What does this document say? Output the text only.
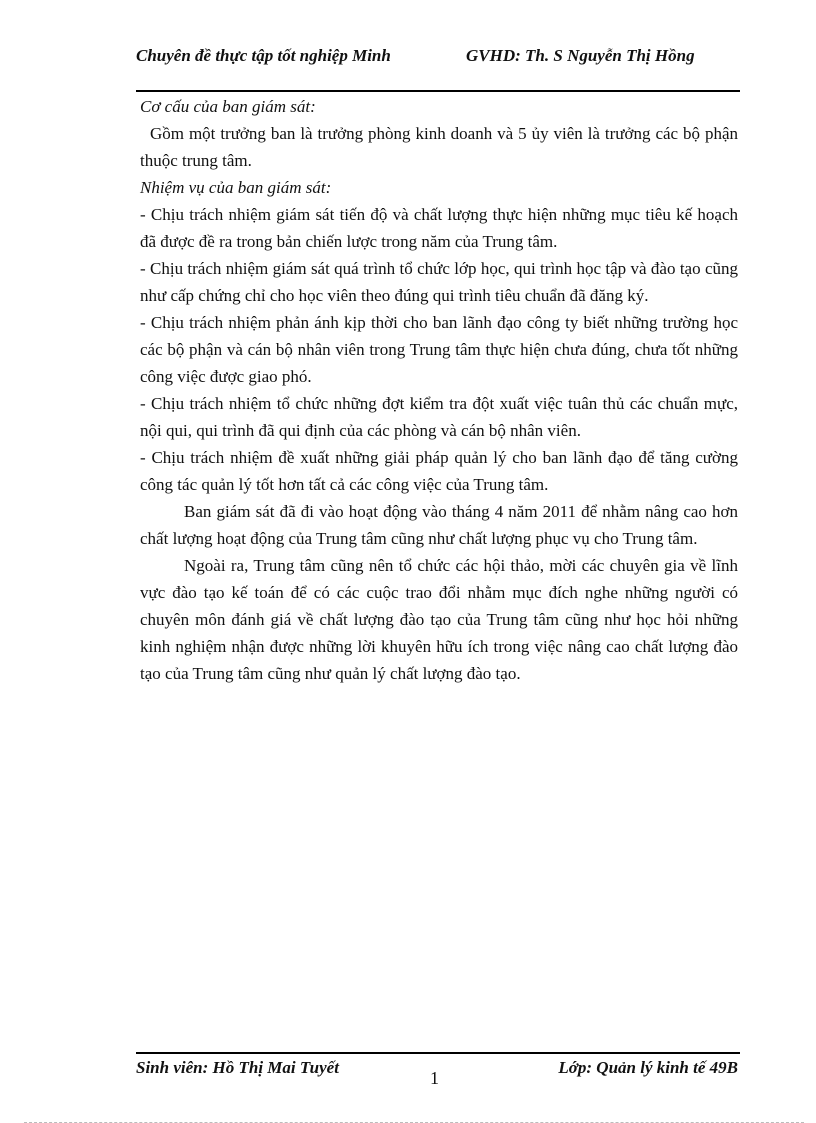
Chuyên đề thực tập tốt nghiệp Minh	GVHD: Th. S Nguyễn Thị Hồng

Cơ cấu của ban giám sát:

Gồm một trưởng ban là trưởng phòng kinh doanh và 5 ủy viên là trưởng các bộ phận thuộc trung tâm.

Nhiệm vụ của ban giám sát:

- Chịu trách nhiệm giám sát tiến độ và chất lượng thực hiện những mục tiêu kế hoạch đã được đề ra trong bản chiến lược trong năm của Trung tâm.

- Chịu trách nhiệm giám sát quá trình tổ chức lớp học, qui trình học tập và đào tạo cũng như cấp chứng chỉ cho học viên theo đúng qui trình tiêu chuẩn đã đăng ký.

- Chịu trách nhiệm phản ánh kịp thời cho ban lãnh đạo công ty biết những trường học các bộ phận và cán bộ nhân viên trong Trung tâm thực hiện chưa đúng, chưa tốt những công việc được giao phó.

- Chịu trách nhiệm tổ chức những đợt kiểm tra đột xuất việc tuân thủ các chuẩn mực, nội qui, qui trình đã qui định của các phòng và cán bộ nhân viên.

- Chịu trách nhiệm đề xuất những giải pháp quản lý cho ban lãnh đạo để tăng cường công tác quản lý tốt hơn tất cả các công việc của Trung tâm.

Ban giám sát đã đi vào hoạt động vào tháng 4 năm 2011 để nhằm nâng cao hơn chất lượng hoạt động của Trung tâm cũng như chất lượng phục vụ cho Trung tâm.

Ngoài ra, Trung tâm cũng nên tổ chức các hội thảo, mời các chuyên gia về lĩnh vực đào tạo kế toán để có các cuộc trao đổi nhằm mục đích nghe những người có chuyên môn đánh giá về chất lượng đào tạo của Trung tâm cũng như học hỏi những kinh nghiệm nhận được những lời khuyên hữu ích trong việc nâng cao chất lượng đào tạo của Trung tâm cũng như quản lý chất lượng đào tạo.

Sinh viên: Hồ Thị Mai Tuyết
1
Lớp: Quản lý kinh tế 49B
